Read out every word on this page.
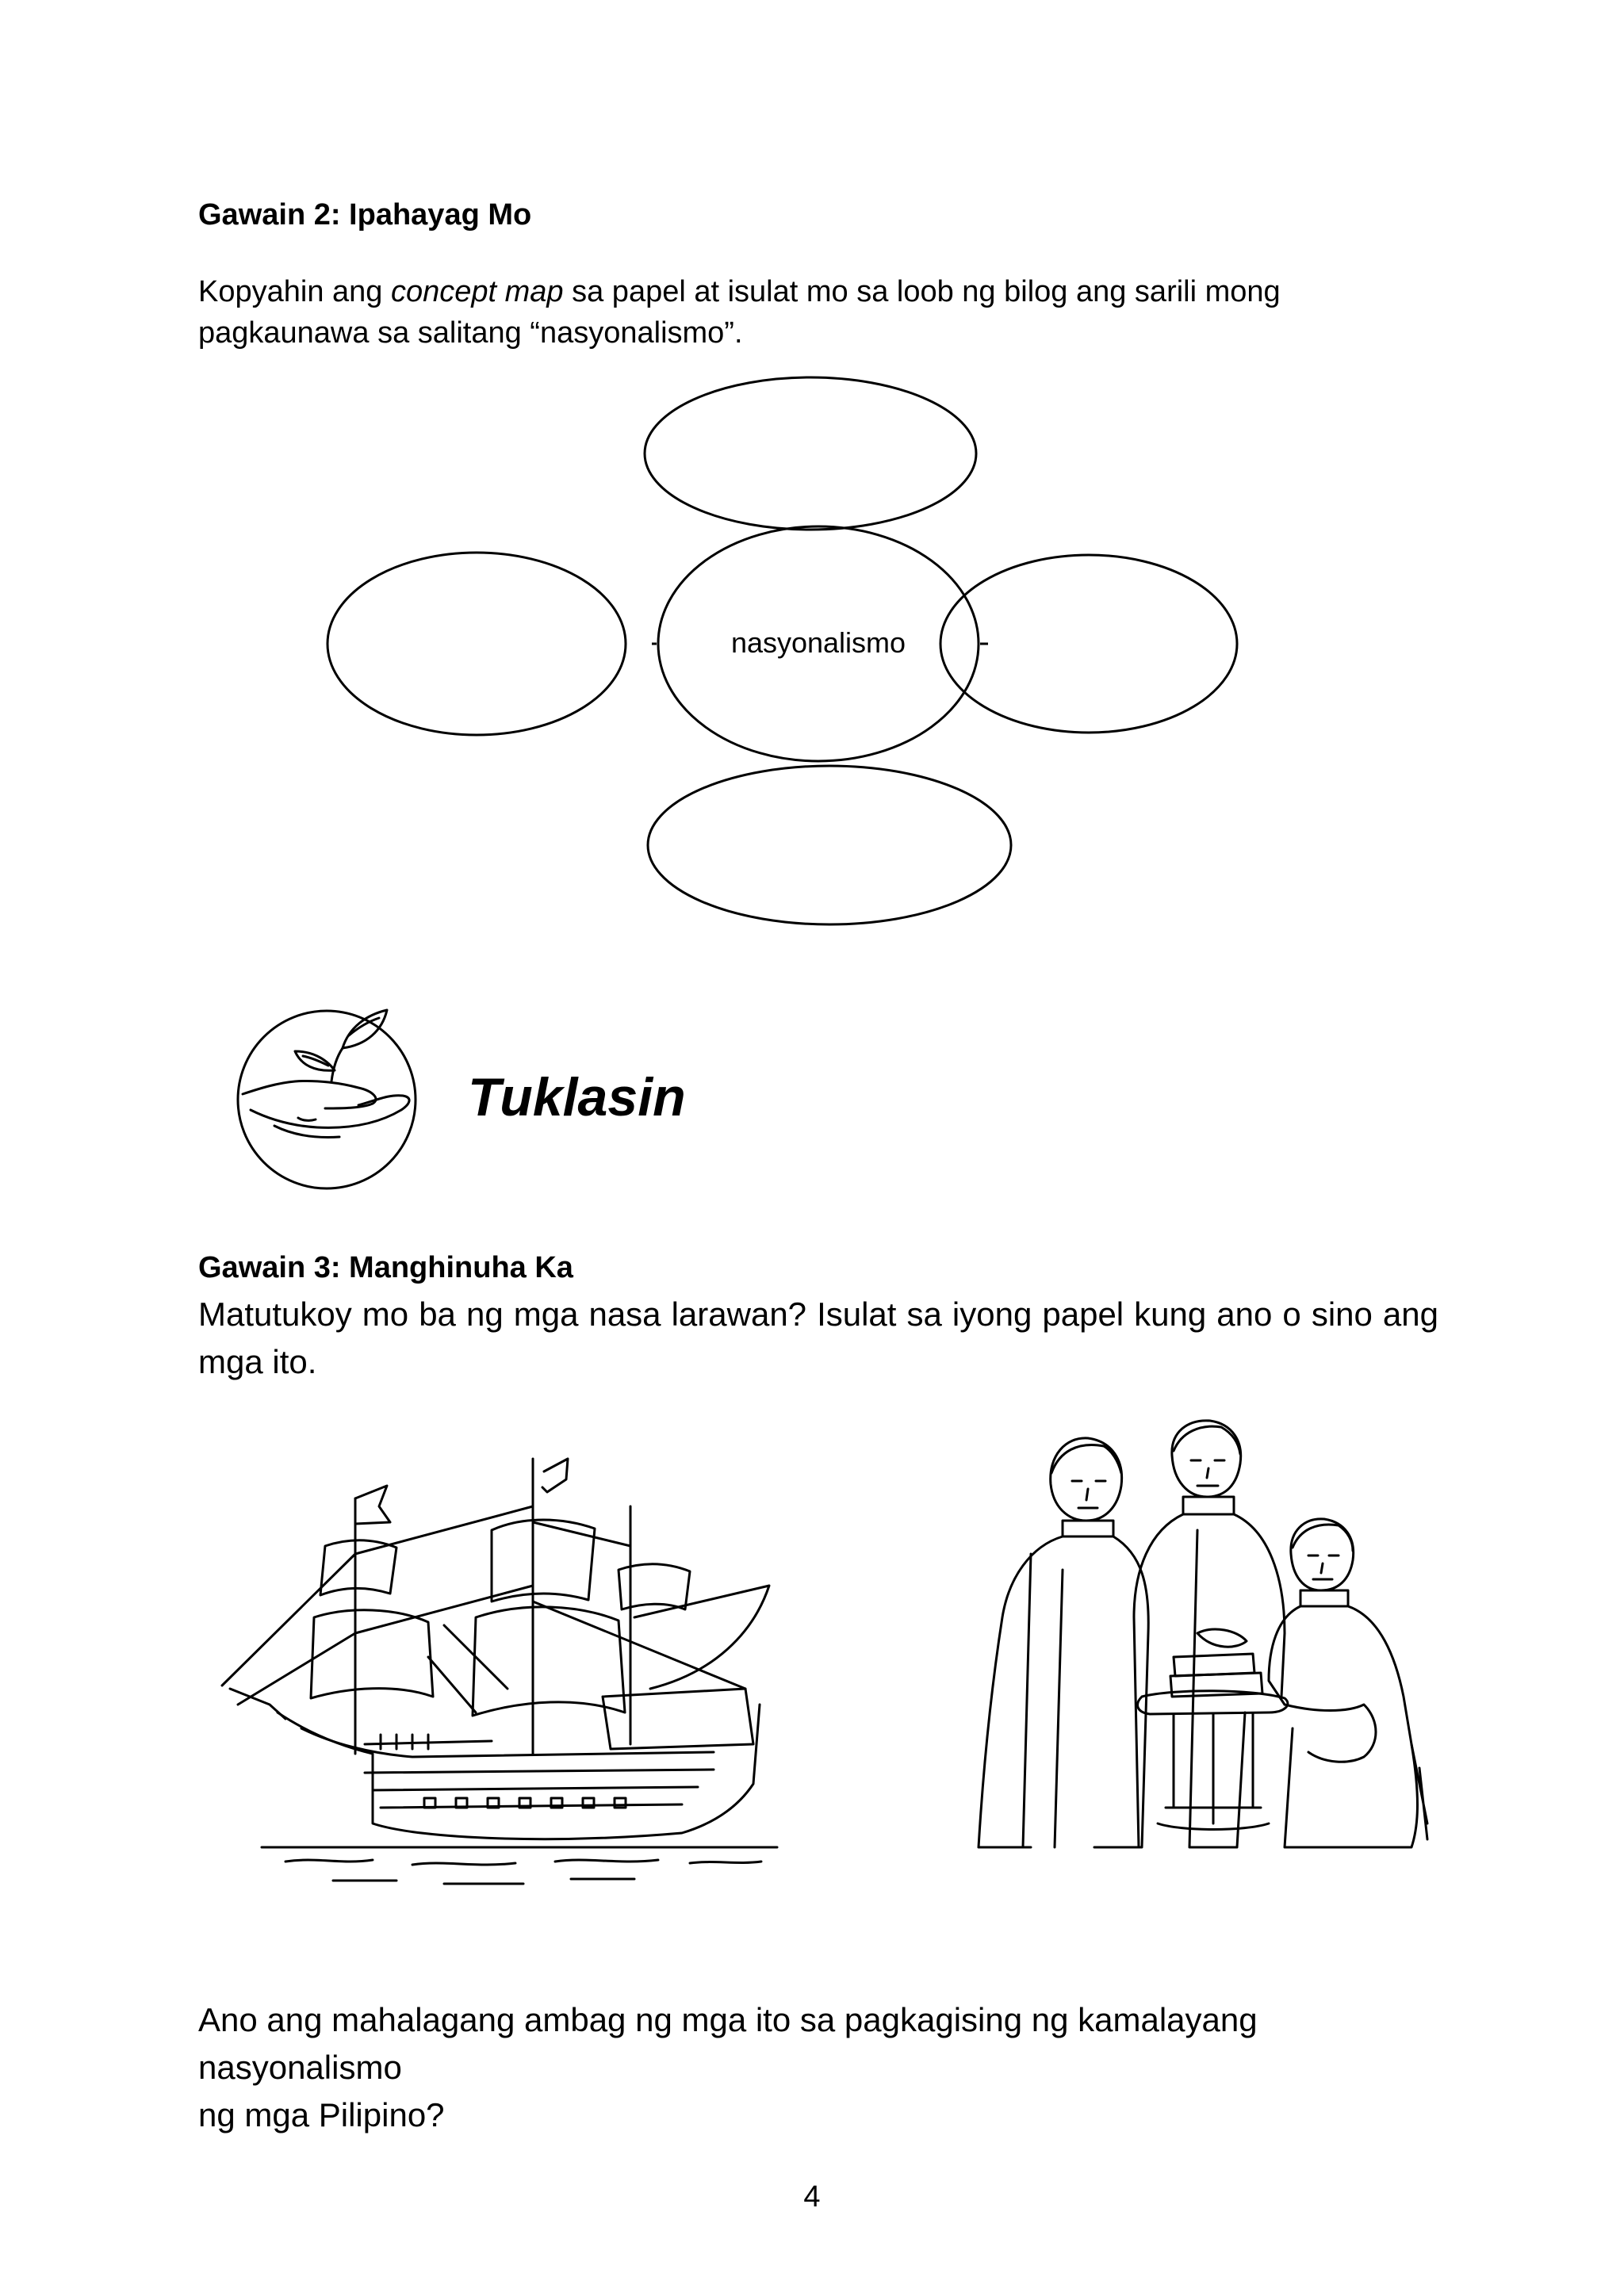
Gawain 2: Ipahayag Mo
Kopyahin ang concept map sa papel at isulat mo sa loob ng bilog ang sarili mong
pagkaunawa sa salitang “nasyonalismo”.
nasyonalismo
Tuklasin
Gawain 3: Manghinuha Ka
Matutukoy mo ba ng mga nasa larawan? Isulat sa iyong papel kung ano o sino ang
mga ito.
Ano ang mahalagang ambag ng mga ito sa pagkagising ng kamalayang nasyonalismo
ng mga Pilipino?
4
